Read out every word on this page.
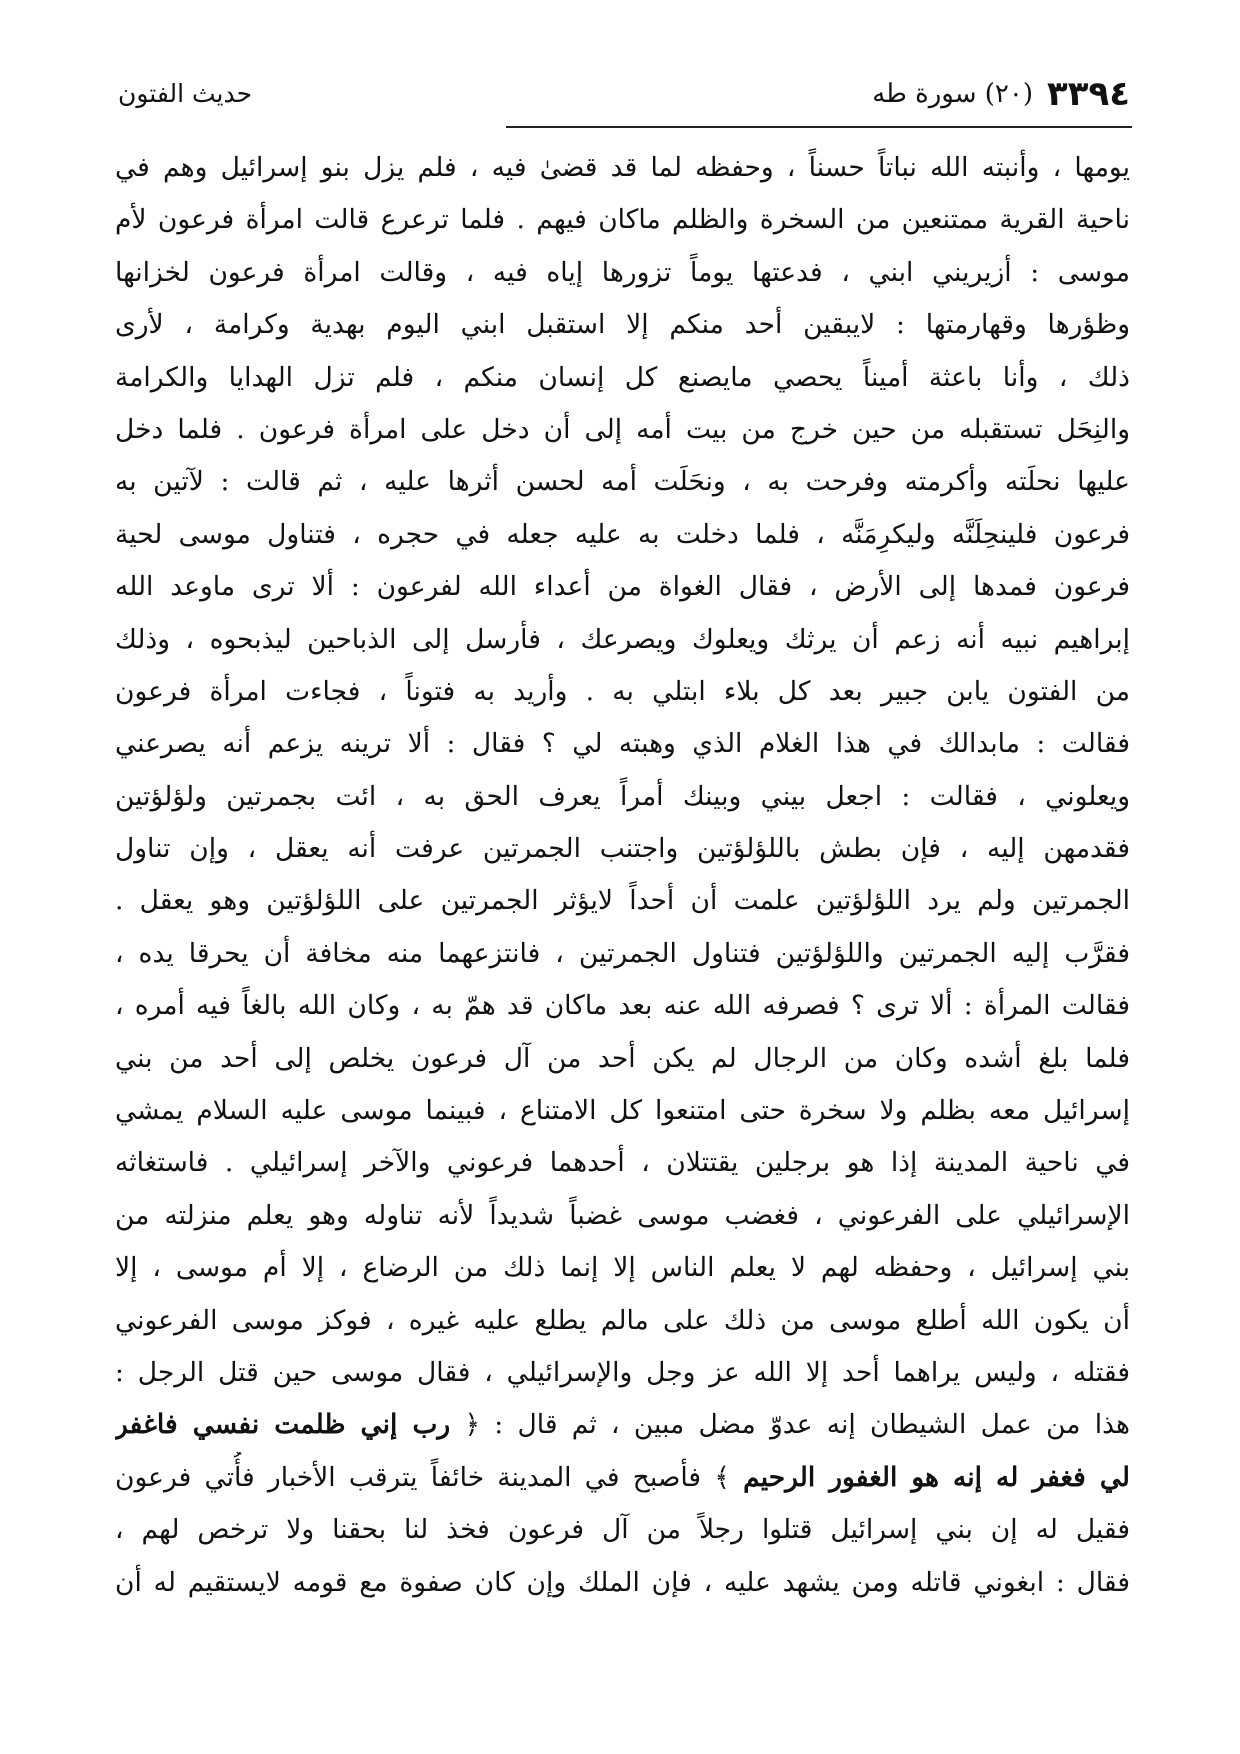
٣٣٩٤
(٢٠) سورة طه
حديث الفتون
يومها ، وأنبته الله نباتاً حسناً ، وحفظه لما قد قضىٰ فيه ، فلم يزل بنو إسرائيل وهم في
ناحية القرية ممتنعين من السخرة والظلم ماكان فيهم . فلما ترعرع قالت امرأة فرعون لأم
موسى : أزيريني ابني ، فدعتها يوماً تزورها إياه فيه ، وقالت امرأة فرعون لخزانها
وظؤرها وقهارمتها : لايبقين أحد منكم إلا استقبل ابني اليوم بهدية وكرامة ، لأرى
ذلك ، وأنا باعثة أميناً يحصي مايصنع كل إنسان منكم ، فلم تزل الهدايا والكرامة
والنِحَل تستقبله من حين خرج من بيت أمه إلى أن دخل على امرأة فرعون . فلما دخل
عليها نحلَته وأكرمته وفرحت به ، ونحَلَت أمه لحسن أثرها عليه ، ثم قالت : لآتين به
فرعون فلينحِلَنَّه وليكرِمَنَّه ، فلما دخلت به عليه جعله في حجره ، فتناول موسى لحية
فرعون فمدها إلى الأرض ، فقال الغواة من أعداء الله لفرعون : ألا ترى ماوعد الله
إبراهيم نبيه أنه زعم أن يرثك ويعلوك ويصرعك ، فأرسل إلى الذباحين ليذبحوه ، وذلك
من الفتون يابن جبير بعد كل بلاء ابتلي به . وأريد به فتوناً ، فجاءت امرأة فرعون
فقالت : مابدالك في هذا الغلام الذي وهبته لي ؟ فقال : ألا ترينه يزعم أنه يصرعني
ويعلوني ، فقالت : اجعل بيني وبينك أمراً يعرف الحق به ، ائت بجمرتين ولؤلؤتين
فقدمهن إليه ، فإن بطش باللؤلؤتين واجتنب الجمرتين عرفت أنه يعقل ، وإن تناول
الجمرتين ولم يرد اللؤلؤتين علمت أن أحداً لايؤثر الجمرتين على اللؤلؤتين وهو يعقل .
فقرَّب إليه الجمرتين واللؤلؤتين فتناول الجمرتين ، فانتزعهما منه مخافة أن يحرقا يده ،
فقالت المرأة : ألا ترى ؟ فصرفه الله عنه بعد ماكان قد همّ به ، وكان الله بالغاً فيه أمره ،
فلما بلغ أشده وكان من الرجال لم يكن أحد من آل فرعون يخلص إلى أحد من بني
إسرائيل معه بظلم ولا سخرة حتى امتنعوا كل الامتناع ، فبينما موسى عليه السلام يمشي
في ناحية المدينة إذا هو برجلين يقتتلان ، أحدهما فرعوني والآخر إسرائيلي . فاستغاثه
الإسرائيلي على الفرعوني ، فغضب موسى غضباً شديداً لأنه تناوله وهو يعلم منزلته من
بني إسرائيل ، وحفظه لهم لا يعلم الناس إلا إنما ذلك من الرضاع ، إلا أم موسى ، إلا
أن يكون الله أطلع موسى من ذلك على مالم يطلع عليه غيره ، فوكز موسى الفرعوني
فقتله ، وليس يراهما أحد إلا الله عز وجل والإسرائيلي ، فقال موسى حين قتل الرجل :
هذا من عمل الشيطان إنه عدوّ مضل مبين ، ثم قال : ﴿ رب إني ظلمت نفسي فاغفر
لي فغفر له إنه هو الغفور الرحيم ﴾ فأصبح في المدينة خائفاً يترقب الأخبار فأُتي فرعون
فقيل له إن بني إسرائيل قتلوا رجلاً من آل فرعون فخذ لنا بحقنا ولا ترخص لهم ،
فقال : ابغوني قاتله ومن يشهد عليه ، فإن الملك وإن كان صفوة مع قومه لايستقيم له أن
